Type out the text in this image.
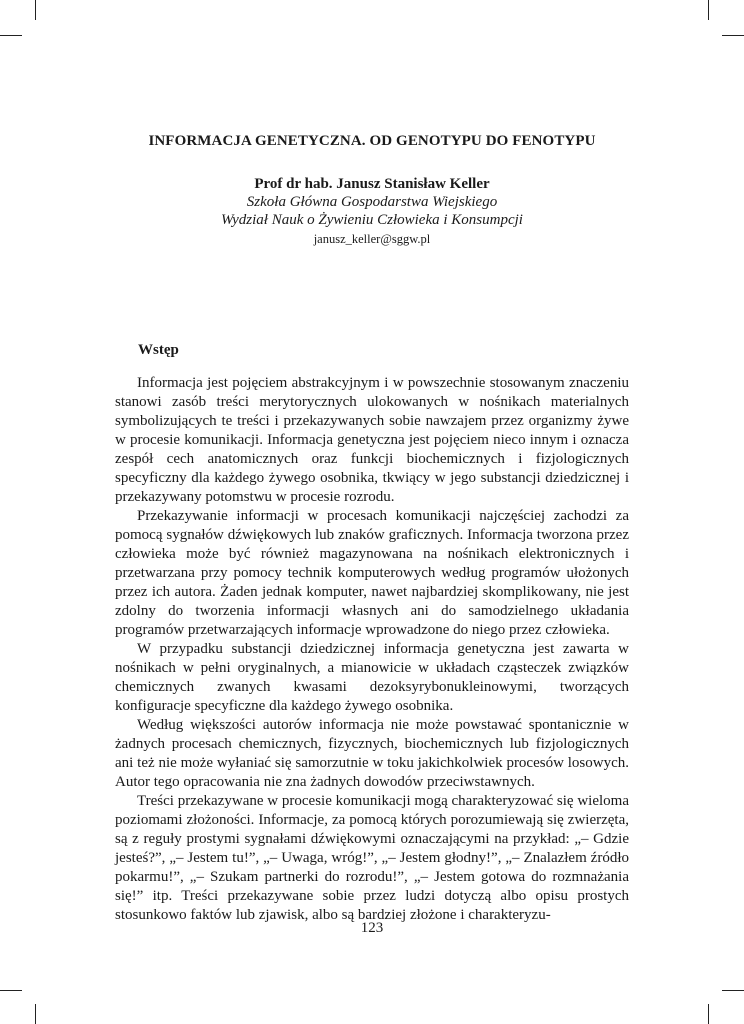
INFORMACJA GENETYCZNA. OD GENOTYPU DO FENOTYPU
Prof dr hab. Janusz Stanisław Keller
Szkoła Główna Gospodarstwa Wiejskiego
Wydział Nauk o Żywieniu Człowieka i Konsumpcji
janusz_keller@sggw.pl
Wstęp

Informacja jest pojęciem abstrakcyjnym i w powszechnie stosowanym znaczeniu stanowi zasób treści merytorycznych ulokowanych w nośnikach materialnych symbolizujących te treści i przekazywanych sobie nawzajem przez organizmy żywe w procesie komunikacji. Informacja genetyczna jest pojęciem nieco innym i oznacza zespół cech anatomicznych oraz funkcji biochemicznych i fizjologicznych specyficzny dla każdego żywego osobnika, tkwiący w jego substancji dziedzicznej i przekazywany potomstwu w procesie rozrodu.

Przekazywanie informacji w procesach komunikacji najczęściej zachodzi za pomocą sygnałów dźwiękowych lub znaków graficznych. Informacja tworzona przez człowieka może być również magazynowana na nośnikach elektronicznych i przetwarzana przy pomocy technik komputerowych według programów ułożonych przez ich autora. Żaden jednak komputer, nawet najbardziej skomplikowany, nie jest zdolny do tworzenia informacji własnych ani do samodzielnego układania programów przetwarzających informacje wprowadzone do niego przez człowieka.

W przypadku substancji dziedzicznej informacja genetyczna jest zawarta w nośnikach w pełni oryginalnych, a mianowicie w układach cząsteczek związków chemicznych zwanych kwasami dezoksyrybonukleinowymi, tworzących konfiguracje specyficzne dla każdego żywego osobnika.

Według większości autorów informacja nie może powstawać spontanicznie w żadnych procesach chemicznych, fizycznych, biochemicznych lub fizjologicznych ani też nie może wyłaniać się samorzutnie w toku jakichkolwiek procesów losowych. Autor tego opracowania nie zna żadnych dowodów przeciwstawnych.

Treści przekazywane w procesie komunikacji mogą charakteryzować się wieloma poziomami złożoności. Informacje, za pomocą których porozumiewają się zwierzęta, są z reguły prostymi sygnałami dźwiękowymi oznaczającymi na przykład: „– Gdzie jesteś?”, „– Jestem tu!”, „– Uwaga, wróg!”, „– Jestem głodny!”, „– Znalazłem źródło pokarmu!”, „– Szukam partnerki do rozrodu!”, „– Jestem gotowa do rozmnażania się!” itp. Treści przekazywane sobie przez ludzi dotyczą albo opisu prostych stosunkowo faktów lub zjawisk, albo są bardziej złożone i charakteryzu-

123
